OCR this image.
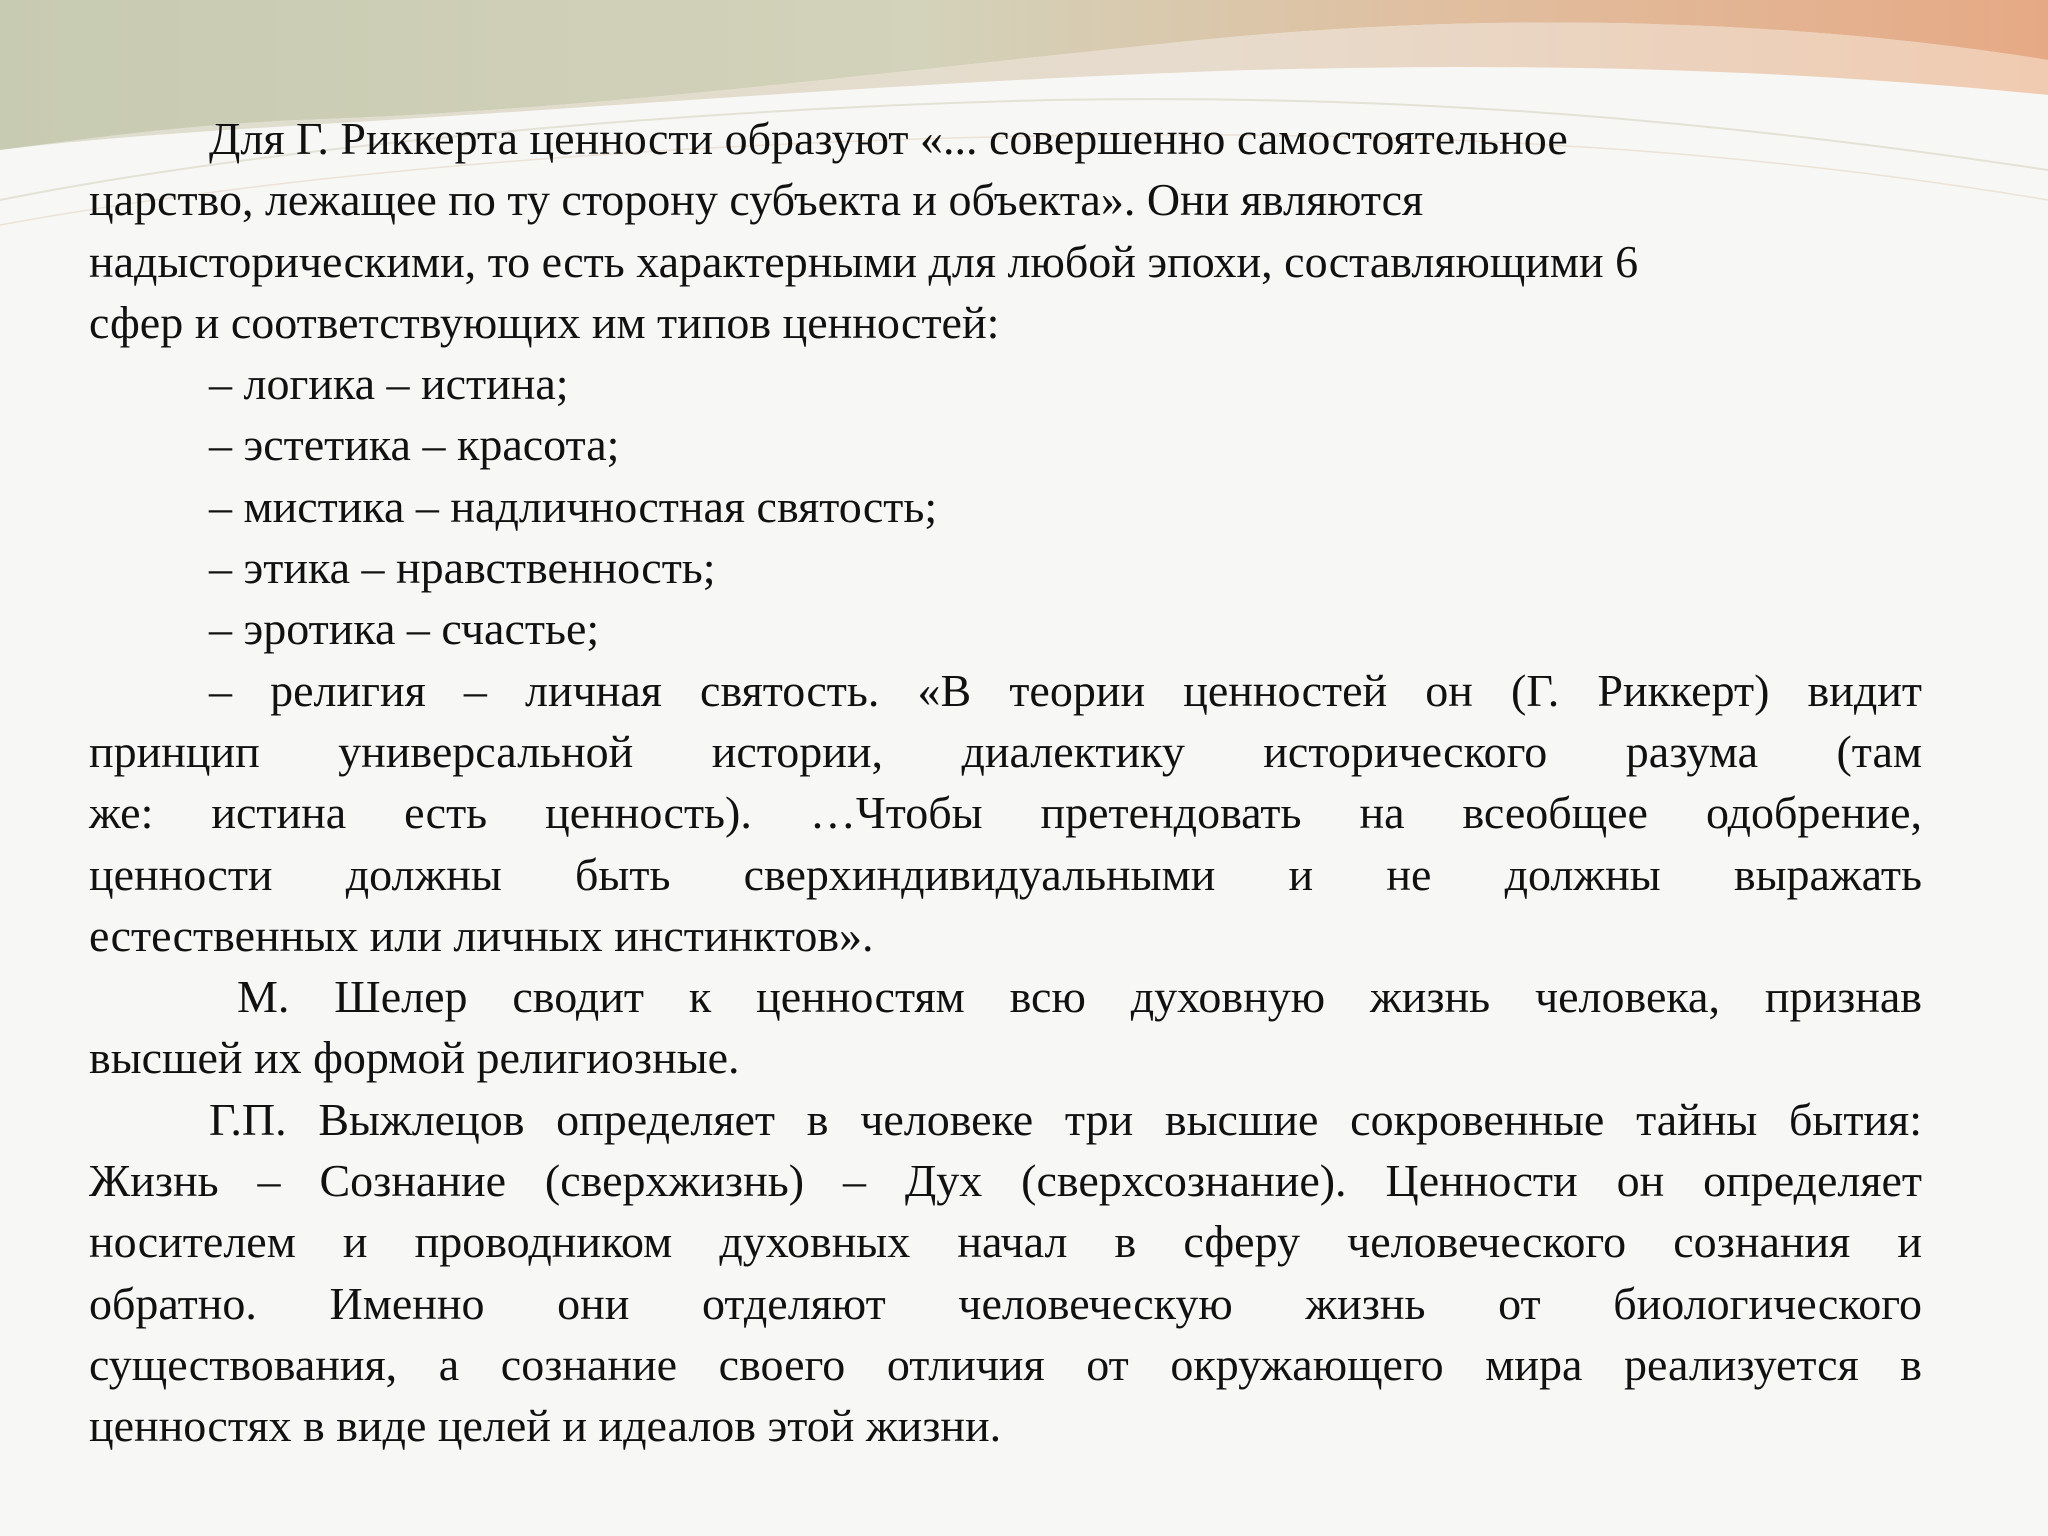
Для Г. Риккерта ценности образуют «... совершенно самостоятельное
царство, лежащее по ту сторону субъекта и объекта». Они являются
надысторическими, то есть характерными для любой эпохи, составляющими 6
сфер и соответствующих им типов ценностей:
– логика – истина;
– эстетика – красота;
– мистика – надличностная святость;
– этика – нравственность;
– эротика – счастье;
– религия – личная святость. «В теории ценностей он (Г. Риккерт) видит
принцип универсальной истории, диалектику исторического разума (там
же: истина есть ценность). …Чтобы претендовать на всеобщее одобрение,
ценности должны быть сверхиндивидуальными и не должны выражать
естественных или личных инстинктов».
М. Шелер сводит к ценностям всю духовную жизнь человека, признав
высшей их формой религиозные.
Г.П. Выжлецов определяет в человеке три высшие сокровенные тайны бытия:
Жизнь – Сознание (сверхжизнь) – Дух (сверхсознание). Ценности он определяет
носителем и проводником духовных начал в сферу человеческого сознания и
обратно. Именно они отделяют человеческую жизнь от биологического
существования, а сознание своего отличия от окружающего мира реализуется в
ценностях в виде целей и идеалов этой жизни.
